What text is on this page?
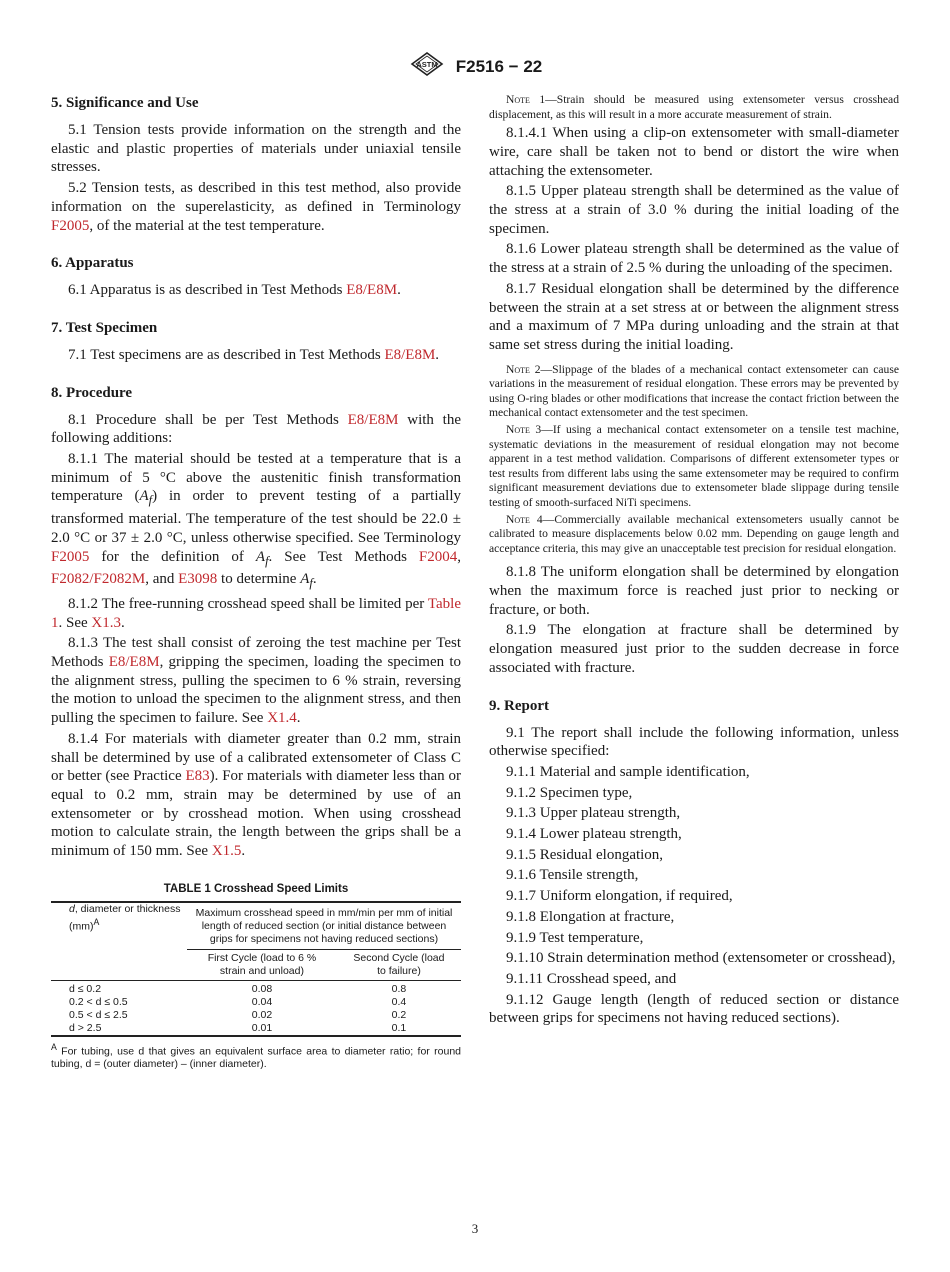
ASTM F2516 − 22
5. Significance and Use
5.1 Tension tests provide information on the strength and the elastic and plastic properties of materials under uniaxial tensile stresses.
5.2 Tension tests, as described in this test method, also provide information on the superelasticity, as defined in Terminology F2005, of the material at the test temperature.
6. Apparatus
6.1 Apparatus is as described in Test Methods E8/E8M.
7. Test Specimen
7.1 Test specimens are as described in Test Methods E8/E8M.
8. Procedure
8.1 Procedure shall be per Test Methods E8/E8M with the following additions:
8.1.1 The material should be tested at a temperature that is a minimum of 5 °C above the austenitic finish transformation temperature $(A_f)$ in order to prevent testing of a partially transformed material. The temperature of the test should be 22.0 ± 2.0 °C or 37 ± 2.0 °C, unless otherwise specified. See Terminology F2005 for the definition of $A_f$. See Test Methods F2004, F2082/F2082M, and E3098 to determine $A_f$.
8.1.2 The free-running crosshead speed shall be limited per Table 1. See X1.3.
8.1.3 The test shall consist of zeroing the test machine per Test Methods E8/E8M, gripping the specimen, loading the specimen to the alignment stress, pulling the specimen to 6 % strain, reversing the motion to unload the specimen to the alignment stress, and then pulling the specimen to failure. See X1.4.
8.1.4 For materials with diameter greater than 0.2 mm, strain shall be determined by use of a calibrated extensometer of Class C or better (see Practice E83). For materials with diameter less than or equal to 0.2 mm, strain may be determined by use of an extensometer or by crosshead motion. When using crosshead motion to calculate strain, the length between the grips shall be a minimum of 150 mm. See X1.5.
TABLE 1 Crosshead Speed Limits
d, diameter or thickness (mm)$^A$	Maximum crosshead speed in mm/min per mm of initial length of reduced section (or initial distance between grips for specimens not having reduced sections)	
	First Cycle (load to 6 % strain and unload)	Second Cycle (load to failure)
d ≤ 0.2	0.08	0.8
0.2 < d ≤ 0.5	0.04	0.4
0.5 < d ≤ 2.5	0.02	0.2
d > 2.5	0.01	0.1
$^A$ For tubing, use d that gives an equivalent surface area to diameter ratio; for round tubing, d = (outer diameter) – (inner diameter).
Note 1—Strain should be measured using extensometer versus crosshead displacement, as this will result in a more accurate measurement of strain.
8.1.4.1 When using a clip-on extensometer with small-diameter wire, care shall be taken not to bend or distort the wire when attaching the extensometer.
8.1.5 Upper plateau strength shall be determined as the value of the stress at a strain of 3.0 % during the initial loading of the specimen.
8.1.6 Lower plateau strength shall be determined as the value of the stress at a strain of 2.5 % during the unloading of the specimen.
8.1.7 Residual elongation shall be determined by the difference between the strain at a set stress at or between the alignment stress and a maximum of 7 MPa during unloading and the strain at that same set stress during the initial loading.
Note 2—Slippage of the blades of a mechanical contact extensometer can cause variations in the measurement of residual elongation. These errors may be prevented by using O-ring blades or other modifications that increase the contact friction between the mechanical contact extensometer and the test specimen.
Note 3—If using a mechanical contact extensometer on a tensile test machine, systematic deviations in the measurement of residual elongation may not become apparent in a test method validation. Comparisons of different extensometer types or test results from different labs using the same extensometer may be required to confirm significant measurement deviations due to extensometer blade slippage during tensile testing of smooth-surfaced NiTi specimens.
Note 4—Commercially available mechanical extensometers usually cannot be calibrated to measure displacements below 0.02 mm. Depending on gauge length and acceptance criteria, this may give an unacceptable test precision for residual elongation.
8.1.8 The uniform elongation shall be determined by elongation when the maximum force is reached just prior to necking or fracture, or both.
8.1.9 The elongation at fracture shall be determined by elongation measured just prior to the sudden decrease in force associated with fracture.
9. Report
9.1 The report shall include the following information, unless otherwise specified:
9.1.1 Material and sample identification,
9.1.2 Specimen type,
9.1.3 Upper plateau strength,
9.1.4 Lower plateau strength,
9.1.5 Residual elongation,
9.1.6 Tensile strength,
9.1.7 Uniform elongation, if required,
9.1.8 Elongation at fracture,
9.1.9 Test temperature,
9.1.10 Strain determination method (extensometer or crosshead),
9.1.11 Crosshead speed, and
9.1.12 Gauge length (length of reduced section or distance between grips for specimens not having reduced sections).
3
